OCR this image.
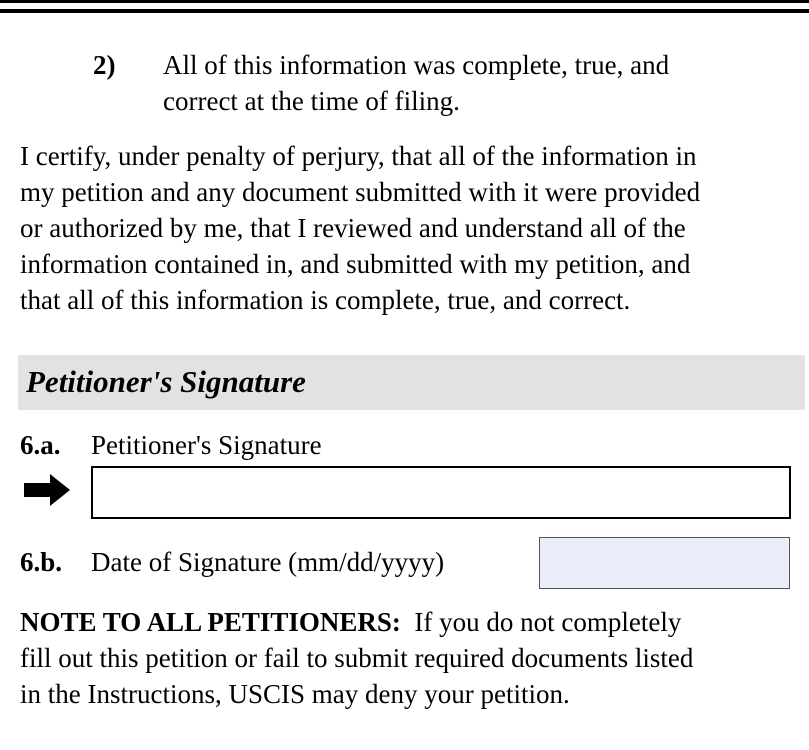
2) All of this information was complete, true, and
correct at the time of filing.
I certify, under penalty of perjury, that all of the information in
my petition and any document submitted with it were provided
or authorized by me, that I reviewed and understand all of the
information contained in, and submitted with my petition, and
that all of this information is complete, true, and correct.
Petitioner's Signature
6.a. Petitioner's Signature
6.b. Date of Signature (mm/dd/yyyy)
NOTE TO ALL PETITIONERS: If you do not completely
fill out this petition or fail to submit required documents listed
in the Instructions, USCIS may deny your petition.
